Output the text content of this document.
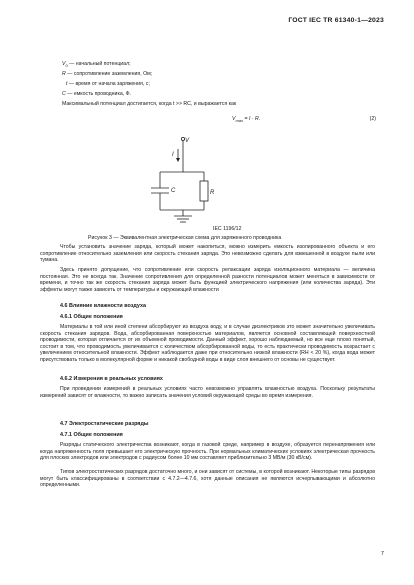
ГОСТ IEC TR 61340-1—2023
$V_0$ — начальный потенциал;
R — сопротивление заземления, Ом;
t — время от начала заряжения, с;
C — емкость проводника, Ф.
Максимальный потенциал достигается, когда t >> RC, и выражается как
$V_{max} = I \cdot R$.	(2)
V
I
C	R
IEC 1196/12
Рисунок 3 — Эквивалентная электрическая схема для заряженного проводника
Чтобы установить значение заряда, который может накопиться, можно измерить емкость изолированного объекта и его сопротивление относительно заземления или скорость стекания заряда. Это невозможно сделать для взвешенной в воздухе пыли или тумана.
Здесь принято допущение, что сопротивление или скорость релаксации заряда изоляционного материала — величина постоянная. Это не всегда так. Значение сопротивления для определенной разности потенциалов может меняться в зависимости от времени, и точно так же скорость стекания заряда может быть функцией электрического напряжения (или количества заряда). Эти эффекты могут также зависеть от температуры и окружающей влажности
4.6 Влияние влажности воздуха
4.6.1 Общие положения
Материалы в той или иной степени абсорбируют из воздуха воду, и в случае диэлектриков это может значительно увеличивать скорость стекания зарядов. Вода, абсорбированная поверхностью материалов, является основной составляющей поверхностной проводимости, которая отличается от их объемной проводимости. Данный эффект, хорошо наблюдаемый, но все еще плохо понятый, состоит в том, что проводимость увеличивается с количеством абсорбированной воды, то есть практически проводимость возрастает с увеличением относительной влажности. Эффект наблюдается даже при относительно низкой влажности (RH < 20 %), когда вода может присутствовать только в молекулярной форме и никакой свободной воды в виде слоя внешнего от основы не существует.
4.6.2 Измерения в реальных условиях
При проведении измерений в реальных условиях часто невозможно управлять влажностью воздуха. Поскольку результаты измерений зависят от влажности, то важно записать значения условий окружающей среды во время измерения.
4.7 Электростатические разряды
4.7.1 Общие положения
Разряды статического электричества возникают, когда в газовой среде, например в воздухе, образуется перенапряжения или когда напряженность поля превышает его электрическую прочность. При нормальных климатических условиях электрическая прочность для плоских электродов или электродов с радиусом более 10 мм составляет приблизительно 3 МВ/м (30 кВ/см).
Типов электростатических разрядов достаточно много, и они зависят от системы, в которой возникают. Некоторые типы разрядов могут быть классифицированы в соответствии с 4.7.2—4.7.6, хотя данные описания не являются исчерпывающими и абсолютно определенными.
7
